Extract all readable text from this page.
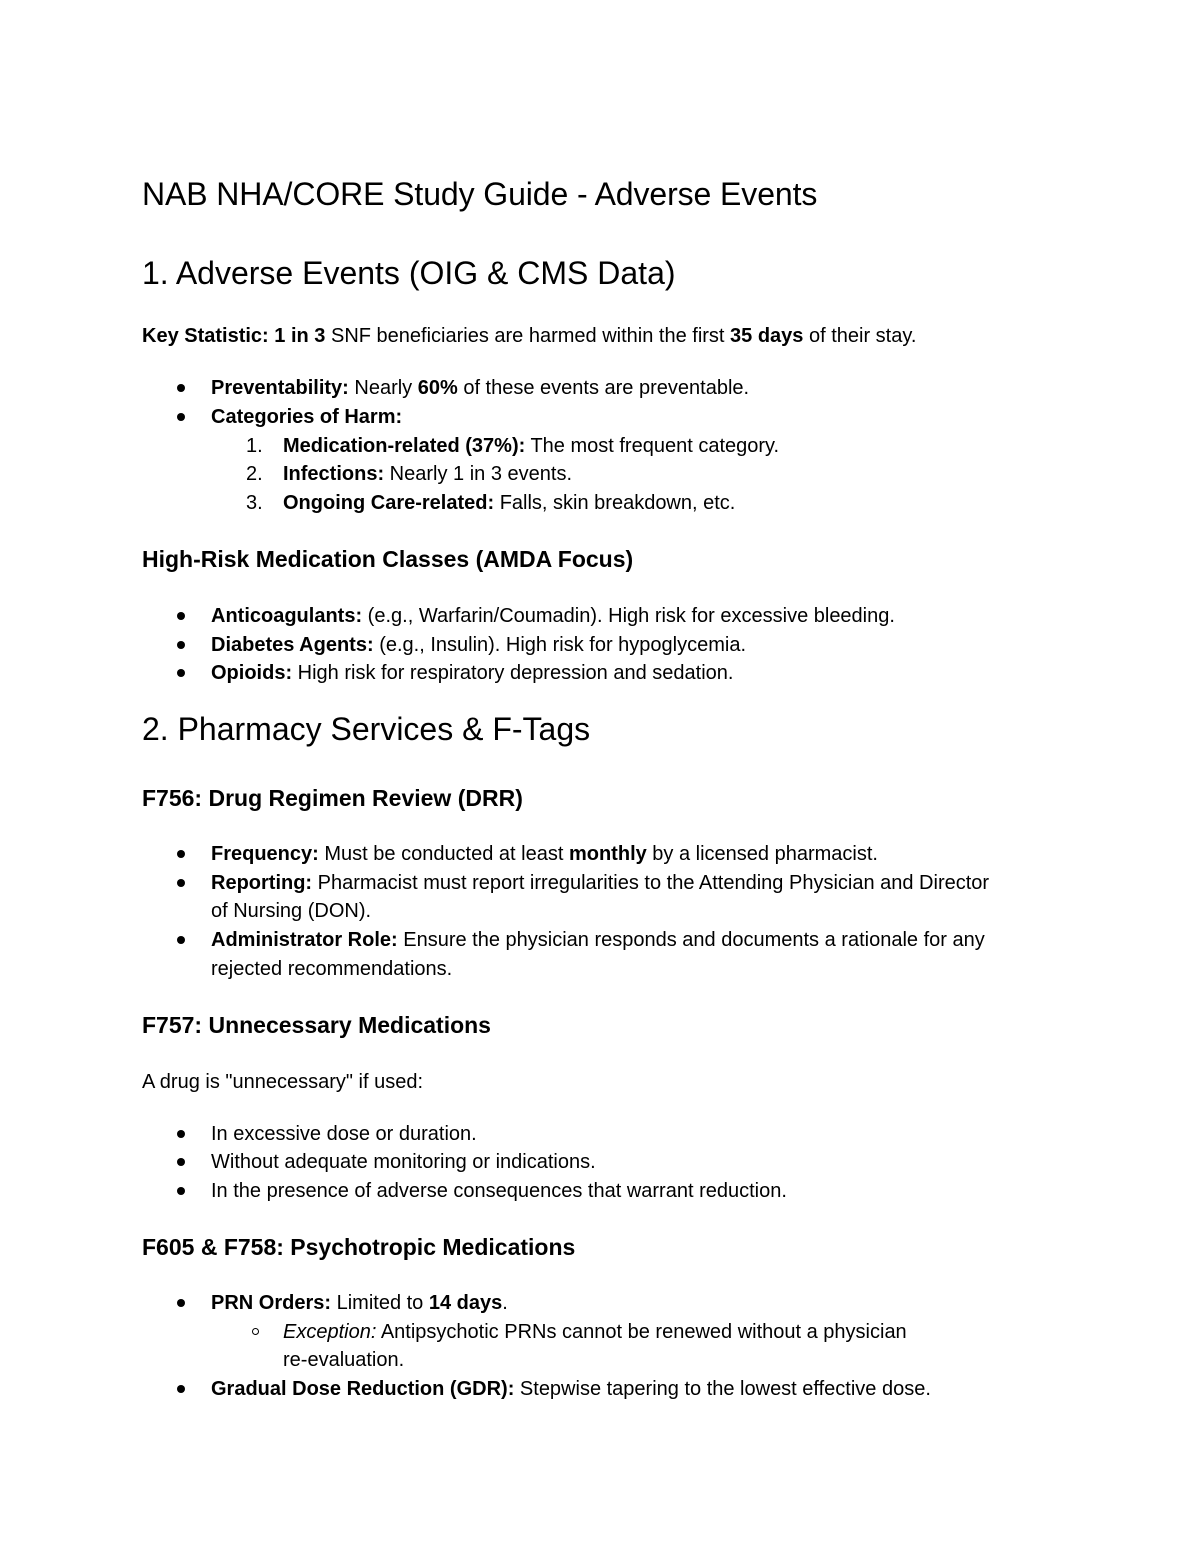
NAB NHA/CORE Study Guide - Adverse Events
1. Adverse Events (OIG & CMS Data)
Key Statistic: 1 in 3 SNF beneficiaries are harmed within the first 35 days of their stay.
Preventability: Nearly 60% of these events are preventable.
Categories of Harm:
1. Medication-related (37%): The most frequent category.
2. Infections: Nearly 1 in 3 events.
3. Ongoing Care-related: Falls, skin breakdown, etc.
High-Risk Medication Classes (AMDA Focus)
Anticoagulants: (e.g., Warfarin/Coumadin). High risk for excessive bleeding.
Diabetes Agents: (e.g., Insulin). High risk for hypoglycemia.
Opioids: High risk for respiratory depression and sedation.
2. Pharmacy Services & F-Tags
F756: Drug Regimen Review (DRR)
Frequency: Must be conducted at least monthly by a licensed pharmacist.
Reporting: Pharmacist must report irregularities to the Attending Physician and Director
of Nursing (DON).
Administrator Role: Ensure the physician responds and documents a rationale for any
rejected recommendations.
F757: Unnecessary Medications
A drug is "unnecessary" if used:
In excessive dose or duration.
Without adequate monitoring or indications.
In the presence of adverse consequences that warrant reduction.
F605 & F758: Psychotropic Medications
PRN Orders: Limited to 14 days.
Exception: Antipsychotic PRNs cannot be renewed without a physician
re-evaluation.
Gradual Dose Reduction (GDR): Stepwise tapering to the lowest effective dose.
